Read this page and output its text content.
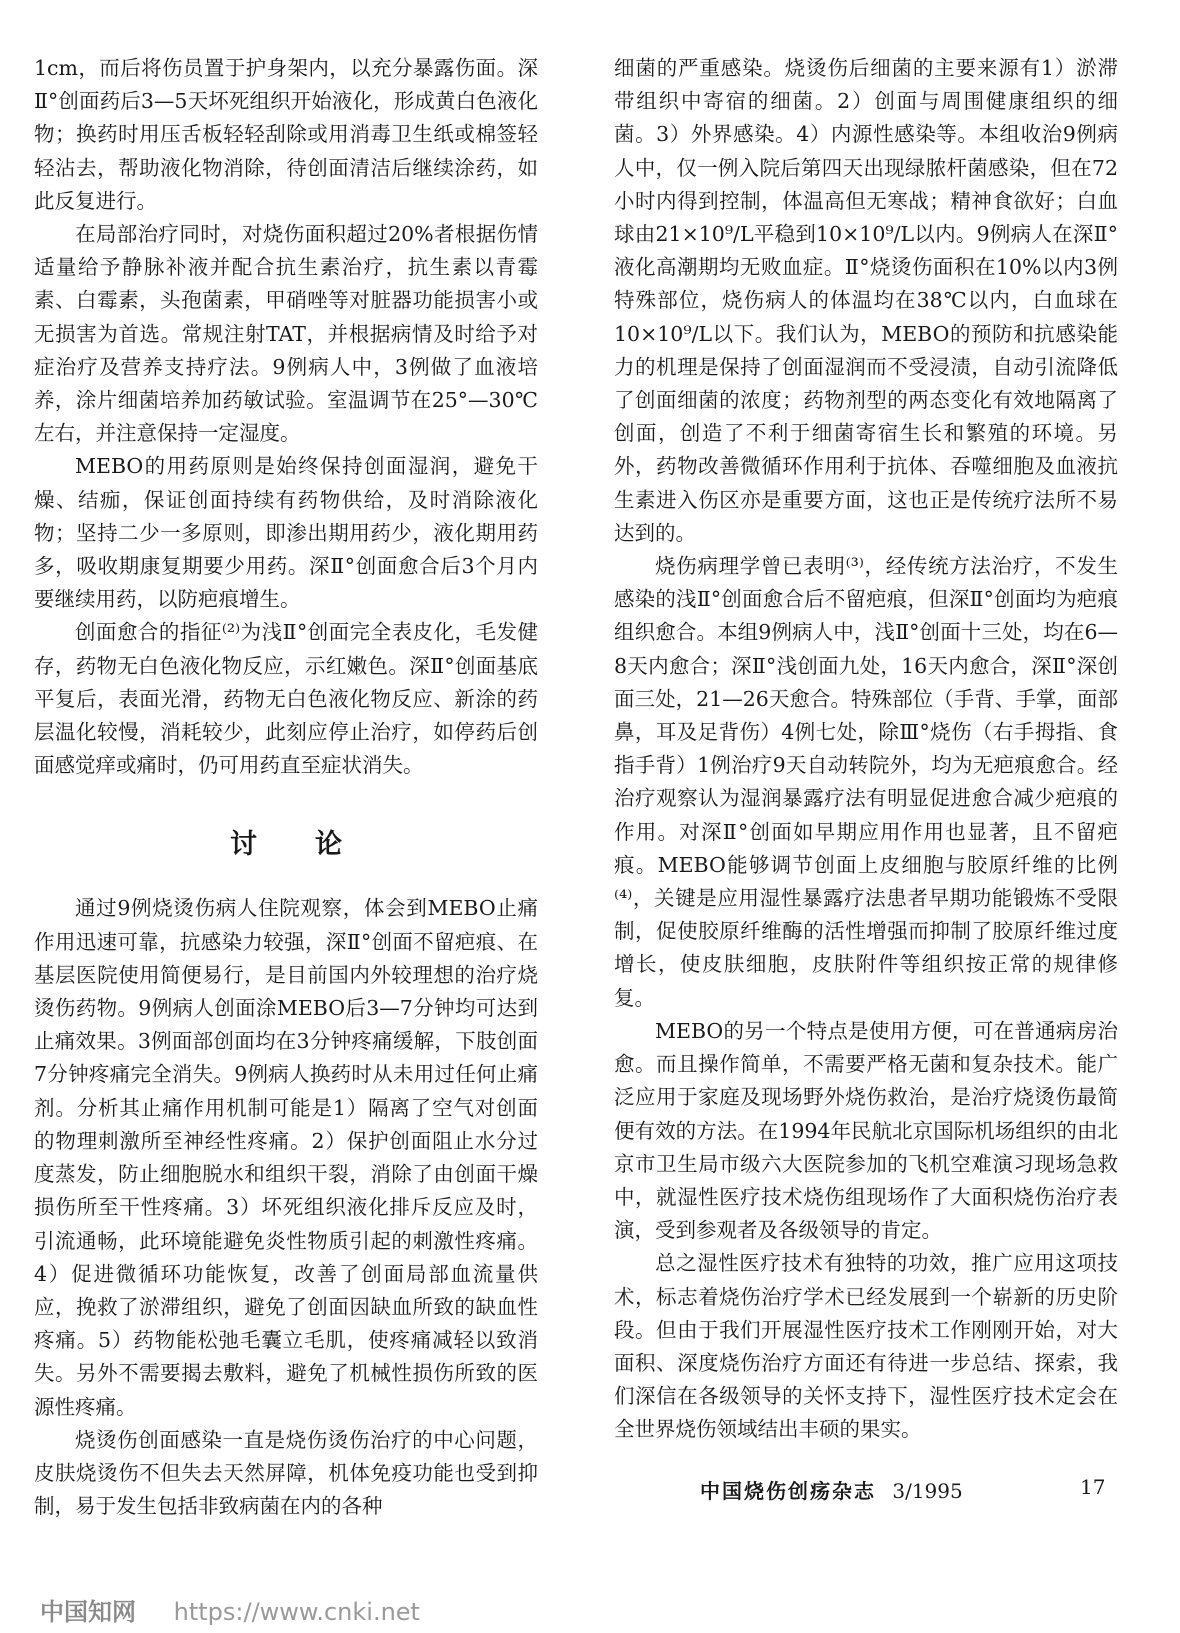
1cm，而后将伤员置于护身架内，以充分暴露伤面。深Ⅱ°创面药后3—5天坏死组织开始液化，形成黄白色液化物；换药时用压舌板轻轻刮除或用消毒卫生纸或棉签轻轻沾去，帮助液化物消除，待创面清洁后继续涂药，如此反复进行。

在局部治疗同时，对烧伤面积超过20%者根据伤情适量给予静脉补液并配合抗生素治疗，抗生素以青霉素、白霉素，头孢菌素，甲硝唑等对脏器功能损害小或无损害为首选。常规注射TAT，并根据病情及时给予对症治疗及营养支持疗法。9例病人中，3例做了血液培养，涂片细菌培养加药敏试验。室温调节在25°—30℃左右，并注意保持一定湿度。

MEBO的用药原则是始终保持创面湿润，避免干燥、结痂，保证创面持续有药物供给，及时消除液化物；坚持二少一多原则，即渗出期用药少，液化期用药多，吸收期康复期要少用药。深Ⅱ°创面愈合后3个月内要继续用药，以防疤痕增生。

创面愈合的指征⁽²⁾为浅Ⅱ°创面完全表皮化，毛发健存，药物无白色液化物反应，示红嫩色。深Ⅱ°创面基底平复后，表面光滑，药物无白色液化物反应、新涂的药层温化较慢，消耗较少，此刻应停止治疗，如停药后创面感觉痒或痛时，仍可用药直至症状消失。

讨论

通过9例烧烫伤病人住院观察，体会到MEBO止痛作用迅速可靠，抗感染力较强，深Ⅱ°创面不留疤痕、在基层医院使用简便易行，是目前国内外较理想的治疗烧烫伤药物。9例病人创面涂MEBO后3—7分钟均可达到止痛效果。3例面部创面均在3分钟疼痛缓解，下肢创面7分钟疼痛完全消失。9例病人换药时从未用过任何止痛剂。分析其止痛作用机制可能是1）隔离了空气对创面的物理刺激所至神经性疼痛。2）保护创面阻止水分过度蒸发，防止细胞脱水和组织干裂，消除了由创面干燥损伤所至干性疼痛。3）坏死组织液化排斥反应及时，引流通畅，此环境能避免炎性物质引起的刺激性疼痛。4）促进微循环功能恢复，改善了创面局部血流量供应，挽救了淤滞组织，避免了创面因缺血所致的缺血性疼痛。5）药物能松弛毛囊立毛肌，使疼痛减轻以致消失。另外不需要揭去敷料，避免了机械性损伤所致的医源性疼痛。

烧烫伤创面感染一直是烧伤烫伤治疗的中心问题，皮肤烧烫伤不但失去天然屏障，机体免疫功能也受到抑制，易于发生包括非致病菌在内的各种

细菌的严重感染。烧烫伤后细菌的主要来源有1）淤滞带组织中寄宿的细菌。2）创面与周围健康组织的细菌。3）外界感染。4）内源性感染等。本组收治9例病人中，仅一例入院后第四天出现绿脓杆菌感染，但在72小时内得到控制，体温高但无寒战；精神食欲好；白血球由21×10⁹/L平稳到10×10⁹/L以内。9例病人在深Ⅱ°液化高潮期均无败血症。Ⅱ°烧烫伤面积在10%以内3例特殊部位，烧伤病人的体温均在38℃以内，白血球在10×10⁹/L以下。我们认为，MEBO的预防和抗感染能力的机理是保持了创面湿润而不受浸渍，自动引流降低了创面细菌的浓度；药物剂型的两态变化有效地隔离了创面，创造了不利于细菌寄宿生长和繁殖的环境。另外，药物改善微循环作用利于抗体、吞噬细胞及血液抗生素进入伤区亦是重要方面，这也正是传统疗法所不易达到的。

烧伤病理学曾已表明⁽³⁾，经传统方法治疗，不发生感染的浅Ⅱ°创面愈合后不留疤痕，但深Ⅱ°创面均为疤痕组织愈合。本组9例病人中，浅Ⅱ°创面十三处，均在6—8天内愈合；深Ⅱ°浅创面九处，16天内愈合，深Ⅱ°深创面三处，21—26天愈合。特殊部位（手背、手掌，面部鼻，耳及足背伤）4例七处，除Ⅲ°烧伤（右手拇指、食指手背）1例治疗9天自动转院外，均为无疤痕愈合。经治疗观察认为湿润暴露疗法有明显促进愈合减少疤痕的作用。对深Ⅱ°创面如早期应用作用也显著，且不留疤痕。MEBO能够调节创面上皮细胞与胶原纤维的比例⁽⁴⁾，关键是应用湿性暴露疗法患者早期功能锻炼不受限制，促使胶原纤维酶的活性增强而抑制了胶原纤维过度增长，使皮肤细胞，皮肤附件等组织按正常的规律修复。

MEBO的另一个特点是使用方便，可在普通病房治愈。而且操作简单，不需要严格无菌和复杂技术。能广泛应用于家庭及现场野外烧伤救治，是治疗烧烫伤最简便有效的方法。在1994年民航北京国际机场组织的由北京市卫生局市级六大医院参加的飞机空难演习现场急救中，就湿性医疗技术烧伤组现场作了大面积烧伤治疗表演，受到参观者及各级领导的肯定。

总之湿性医疗技术有独特的功效，推广应用这项技术，标志着烧伤治疗学术已经发展到一个崭新的历史阶段。但由于我们开展湿性医疗技术工作刚刚开始，对大面积、深度烧伤治疗方面还有待进一步总结、探索，我们深信在各级领导的关怀支持下，湿性医疗技术定会在全世界烧伤领域结出丰硕的果实。

中国烧伤创疡杂志 3/1995	17
中国知网 https://www.cnki.net
